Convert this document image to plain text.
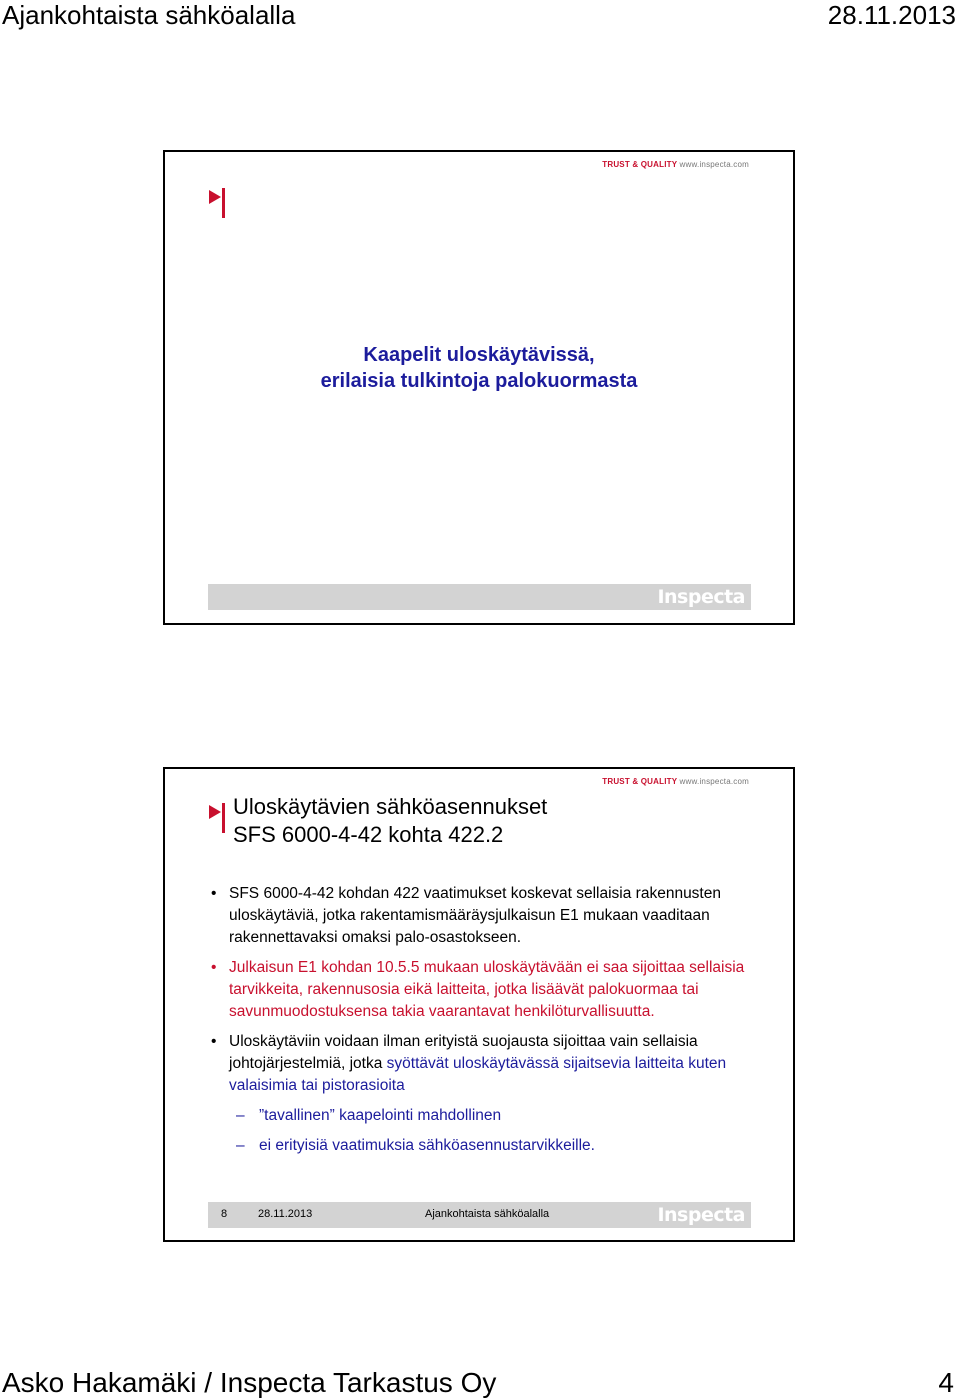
Ajankohtaista sähköalalla	28.11.2013
TRUST & QUALITY www.inspecta.com
Kaapelit uloskäytävissä,
erilaisia tulkintoja palokuormasta
Inspecta
TRUST & QUALITY www.inspecta.com
Uloskäytävien sähköasennukset
SFS 6000-4-42 kohta 422.2
• SFS 6000-4-42 kohdan 422 vaatimukset koskevat sellaisia rakennusten uloskäytäviä, jotka rakentamismääräysjulkaisun E1 mukaan vaaditaan rakennettavaksi omaksi palo-osastokseen.
• Julkaisun E1 kohdan 10.5.5 mukaan uloskäytävään ei saa sijoittaa sellaisia tarvikkeita, rakennusosia eikä laitteita, jotka lisäävät palokuormaa tai savunmuodostuksensa takia vaarantavat henkilöturvallisuutta.
• Uloskäytäviin voidaan ilman erityistä suojausta sijoittaa vain sellaisia johtojärjestelmiä, jotka syöttävät uloskäytävässä sijaitsevia laitteita kuten valaisimia tai pistorasioita
– ”tavallinen” kaapelointi mahdollinen
– ei erityisiä vaatimuksia sähköasennustarvikkeille.
8	28.11.2013	Ajankohtaista sähköalalla	Inspecta
Asko Hakamäki / Inspecta Tarkastus Oy	4
